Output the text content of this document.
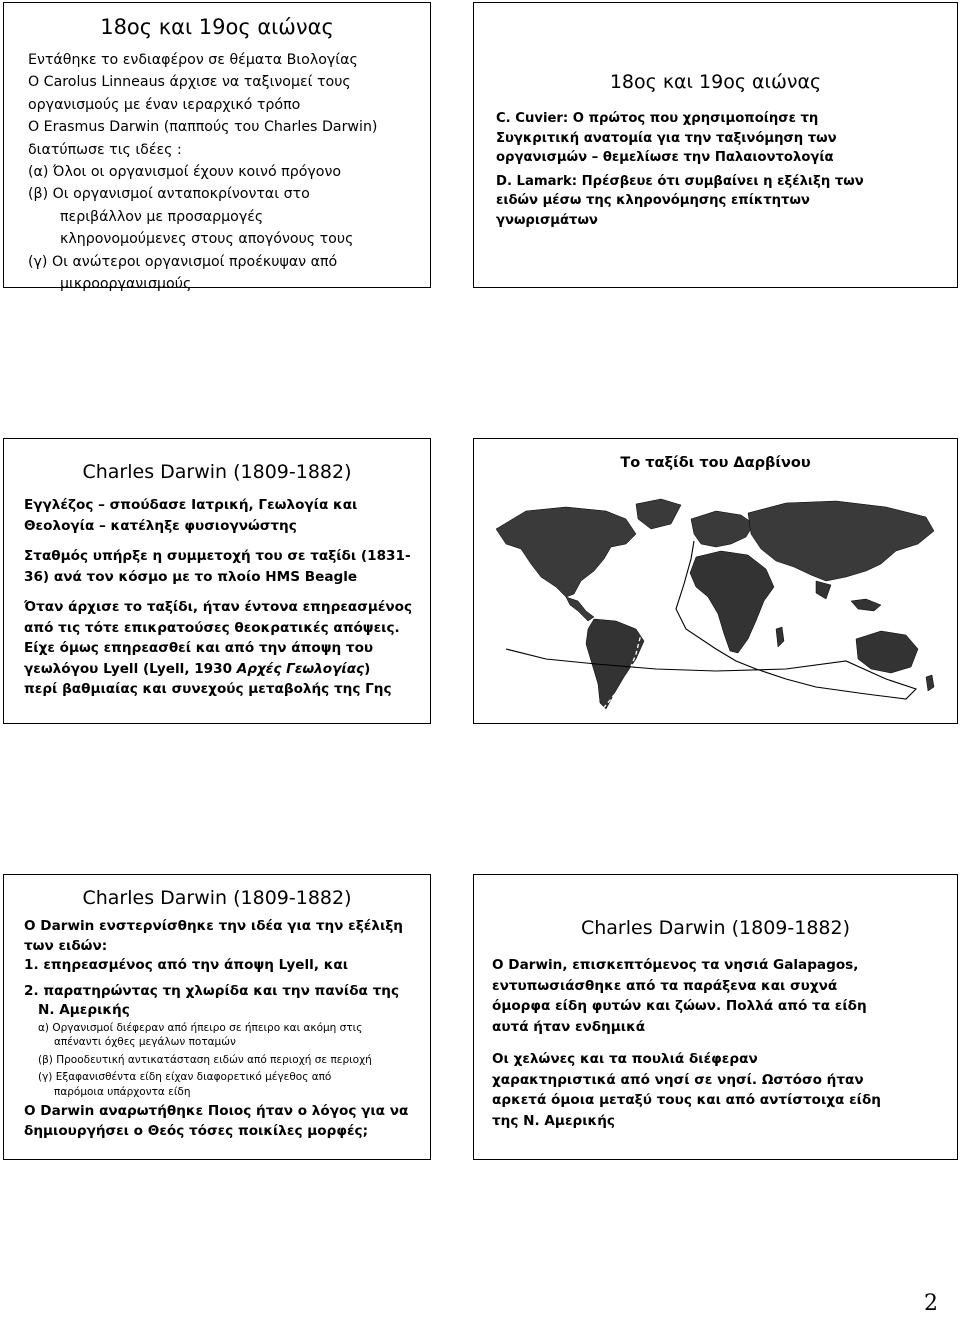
18ος και 19ος αιώνας
Εντάθηκε το ενδιαφέρον σε θέματα Βιολογίας
Ο Carolus Linneaus άρχισε να ταξινομεί τους
οργανισμούς με έναν ιεραρχικό τρόπο
Ο Erasmus Darwin (παππούς του Charles Darwin)
διατύπωσε τις ιδέες :
(α) Όλοι οι οργανισμοί έχουν κοινό πρόγονο
(β) Οι οργανισμοί ανταποκρίνονται στο
περιβάλλον με προσαρμογές
κληρονομούμενες στους απογόνους τους
(γ) Οι ανώτεροι οργανισμοί προέκυψαν από
μικροοργανισμούς
18ος και 19ος αιώνας
C. Cuvier: Ο πρώτος που χρησιμοποίησε τη
Συγκριτική ανατομία για την ταξινόμηση των
οργανισμών – θεμελίωσε την Παλαιοντολογία
D. Lamark: Πρέσβευε ότι συμβαίνει η εξέλιξη των
ειδών μέσω της κληρονόμησης επίκτητων
γνωρισμάτων
Charles Darwin (1809-1882)
Εγγλέζος – σπούδασε Ιατρική, Γεωλογία και
Θεολογία – κατέληξε φυσιογνώστης
Σταθμός υπήρξε η συμμετοχή του σε ταξίδι (1831-
36) ανά τον κόσμο με το πλοίο HMS Beagle
Όταν άρχισε το ταξίδι, ήταν έντονα επηρεασμένος
από τις τότε επικρατούσες θεοκρατικές απόψεις.
Είχε όμως επηρεασθεί και από την άποψη του
γεωλόγου Lyell (Lyell, 1930 Αρχές Γεωλογίας)
περί βαθμιαίας και συνεχούς μεταβολής της Γης
Το ταξίδι του Δαρβίνου
Charles Darwin (1809-1882)
Ο Darwin ενστερνίσθηκε την ιδέα για την εξέλιξη
των ειδών:
1. επηρεασμένος από την άποψη Lyell, και
2. παρατηρώντας τη χλωρίδα και την πανίδα της
Ν. Αμερικής
α) Οργανισμοί διέφεραν από ήπειρο σε ήπειρο και ακόμη στις
απέναντι όχθες μεγάλων ποταμών
(β) Προοδευτική αντικατάσταση ειδών από περιοχή σε περιοχή
(γ) Εξαφανισθέντα είδη είχαν διαφορετικό μέγεθος από
παρόμοια υπάρχοντα είδη
Ο Darwin αναρωτήθηκε Ποιος ήταν ο λόγος για να
δημιουργήσει ο Θεός τόσες ποικίλες μορφές;
Charles Darwin (1809-1882)
Ο Darwin, επισκεπτόμενος τα νησιά Galapagos,
εντυπωσιάσθηκε από τα παράξενα και συχνά
όμορφα είδη φυτών και ζώων. Πολλά από τα είδη
αυτά ήταν ενδημικά
Οι χελώνες και τα πουλιά διέφεραν
χαρακτηριστικά από νησί σε νησί. Ωστόσο ήταν
αρκετά όμοια μεταξύ τους και από αντίστοιχα είδη
της Ν. Αμερικής
2
